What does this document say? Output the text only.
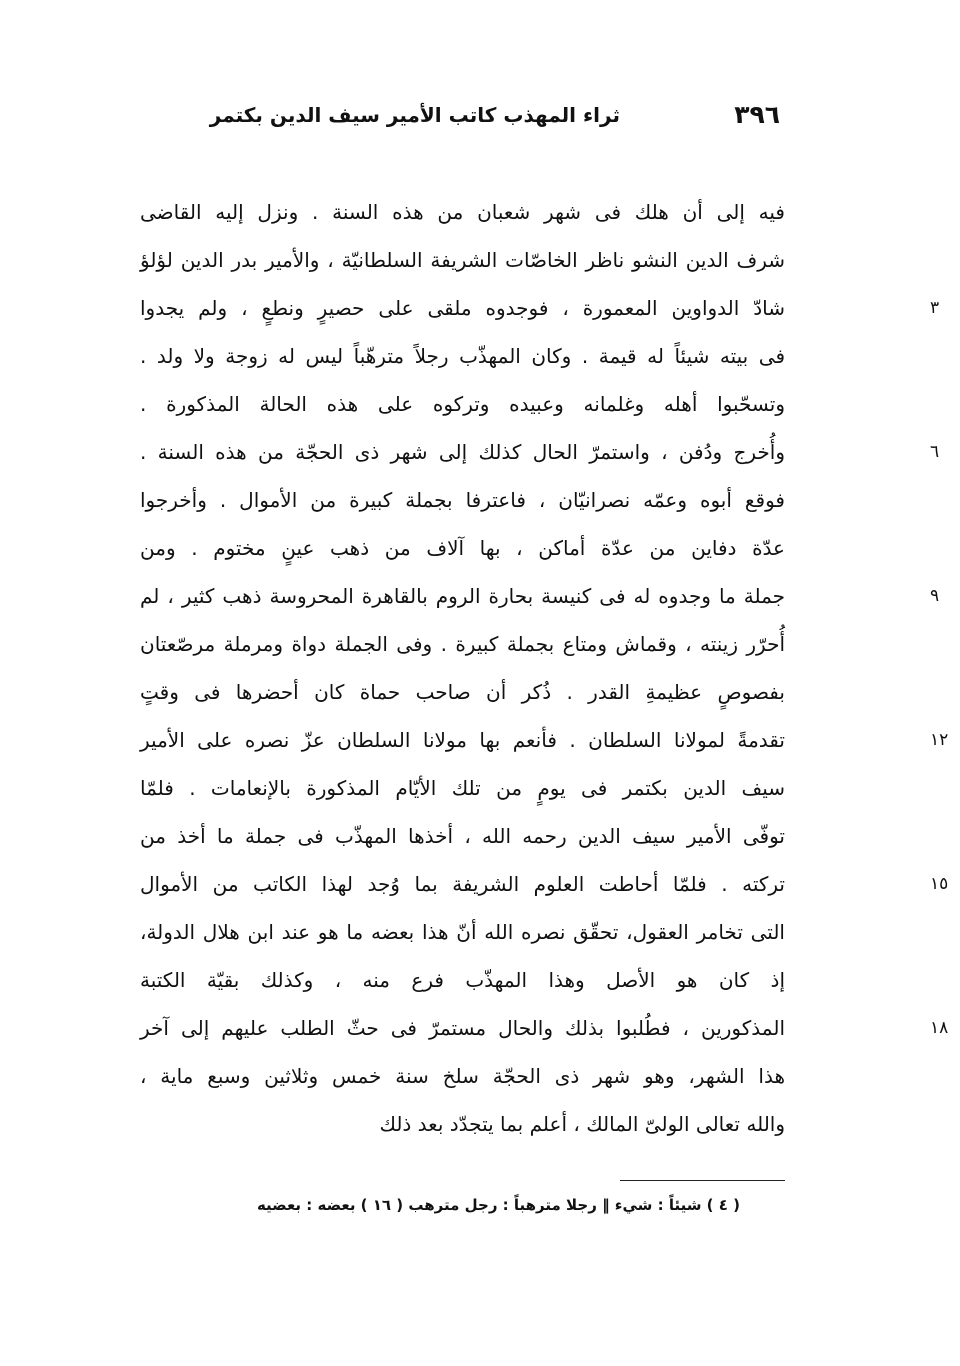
٣٩٦
ثراء المهذب كاتب الأمير سيف الدين بكتمر
فيه إلى أن هلك فى شهر شعبان من هذه السنة . ونزل إليه القاضى
شرف الدين النشو ناظر الخاصّات الشريفة السلطانيّة ، والأمير بدر الدين لؤلؤ
شادّ الدواوين المعمورة ، فوجدوه ملقى على حصيرٍ ونطعٍ ، ولم يجدوا	٣
فى بيته شيئاً له قيمة . وكان المهذّب رجلاً مترهّباً ليس له زوجة ولا ولد .
وتسحّبوا أهله وغلمانه وعبيده وتركوه على هذه الحالة المذكورة .
وأُخرج ودُفن ، واستمرّ الحال كذلك إلى شهر ذى الحجّة من هذه السنة .	٦
فوقع أبوه وعمّه نصرانيّان ، فاعترفا بجملة كبيرة من الأموال . وأخرجوا
عدّة دفاين من عدّة أماكن ، بها آلاف من ذهب عينٍ مختوم . ومن
جملة ما وجدوه له فى كنيسة بحارة الروم بالقاهرة المحروسة ذهب كثير ، لم	٩
أُحرّر زينته ، وقماش ومتاع بجملة كبيرة . وفى الجملة دواة ومرملة مرصّعتان
بفصوصٍ عظيمةِ القدر . ذُكر أن صاحب حماة كان أحضرها فى وقتٍ
تقدمةً لمولانا السلطان . فأنعم بها مولانا السلطان عزّ نصره على الأمير	١٢
سيف الدين بكتمر فى يومٍ من تلك الأيّام المذكورة بالإنعامات . فلمّا
توفّى الأمير سيف الدين رحمه الله ، أخذها المهذّب فى جملة ما أخذ من
تركته . فلمّا أحاطت العلوم الشريفة بما وُجد لهذا الكاتب من الأموال	١٥
التى تخامر العقول، تحقّق نصره الله أنّ هذا بعضه ما هو عند ابن هلال الدولة،
إذ كان هو الأصل وهذا المهذّب فرع منه ، وكذلك بقيّة الكتبة
المذكورين ، فطُلبوا بذلك والحال مستمرّ فى حثّ الطلب عليهم إلى آخر	١٨
هذا الشهر، وهو شهر ذى الحجّة سلخ سنة خمس وثلاثين وسبع ماية ،
والله تعالى الولىّ المالك ، أعلم بما يتجدّد بعد ذلك
( ٤ ) شيئاً : شيء ‖ رجلا مترهباً : رجل مترهب ( ١٦ ) بعضه : بعضيه
